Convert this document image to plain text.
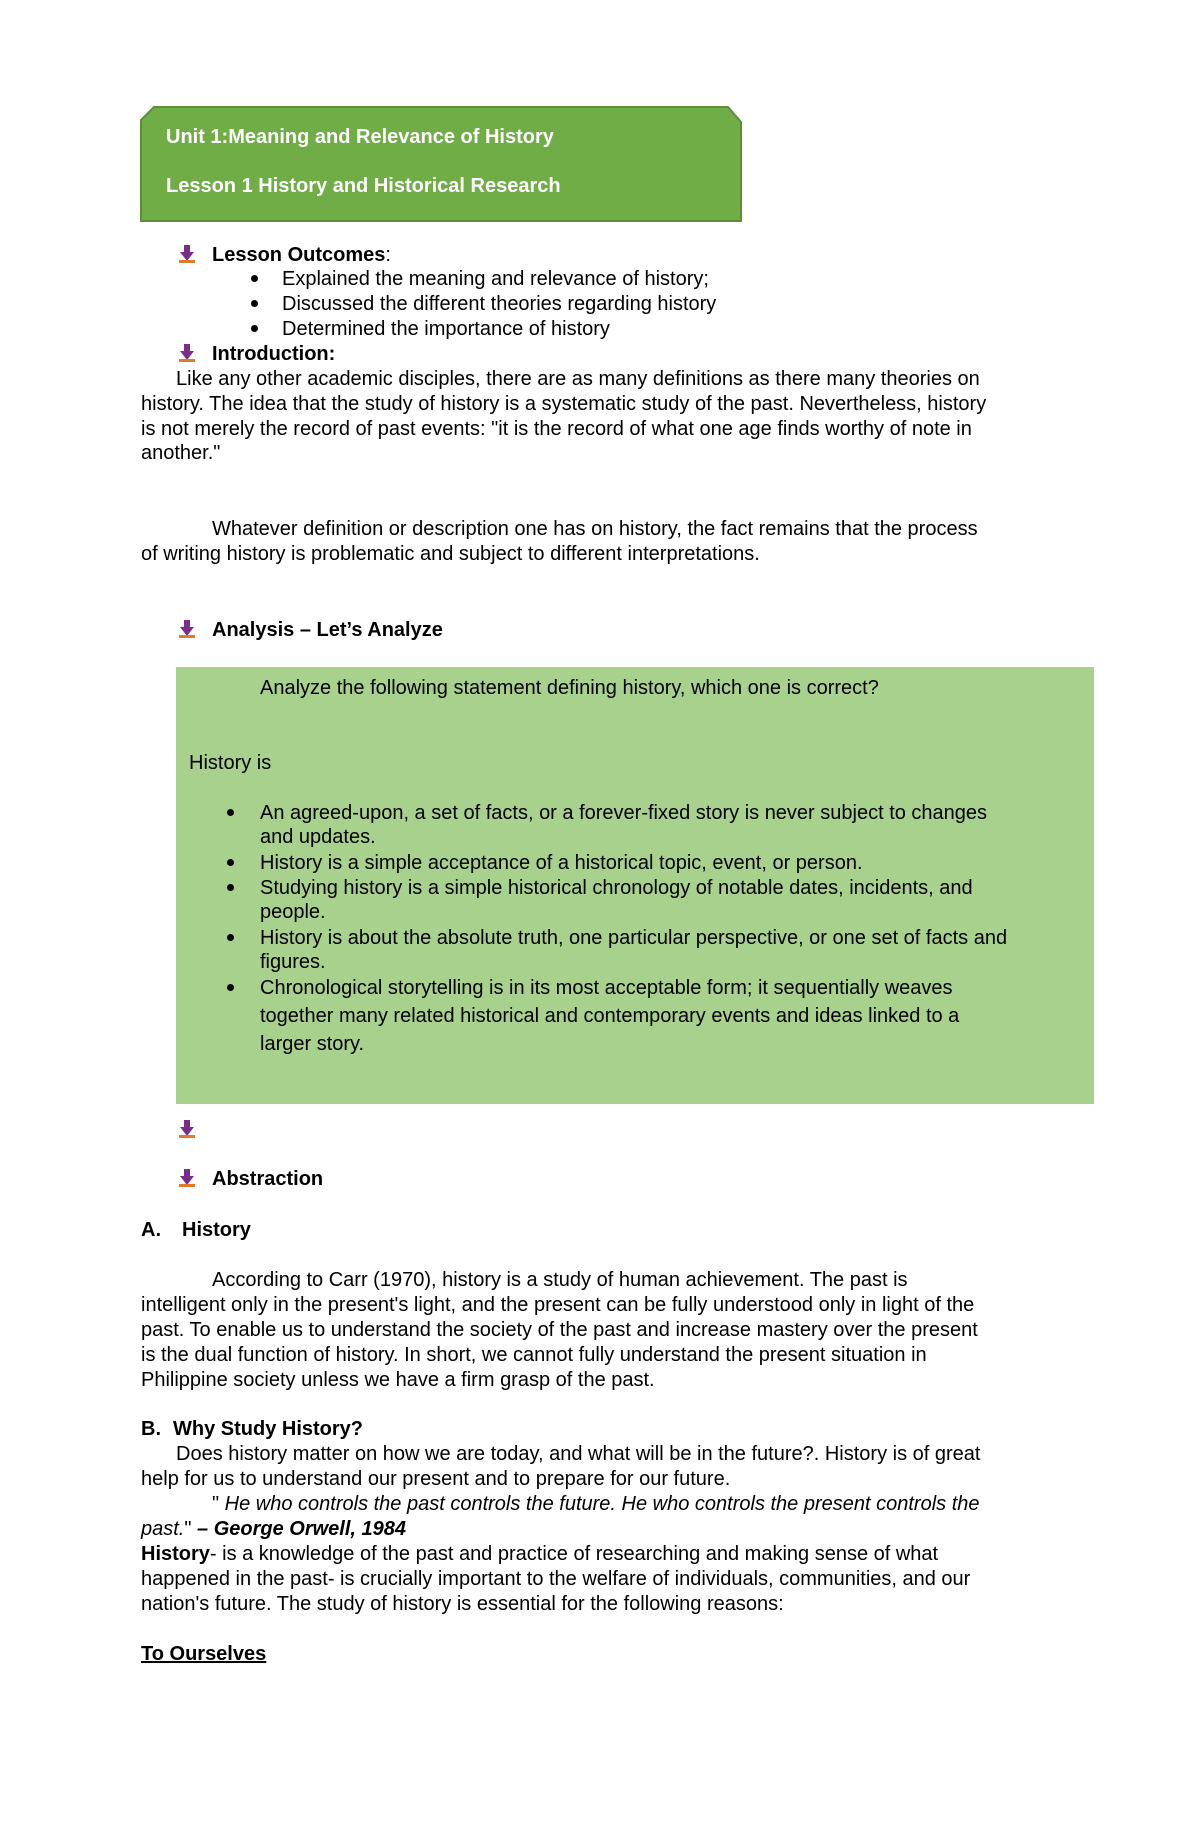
Unit 1:Meaning and Relevance of History
Lesson 1 History and Historical Research
Lesson Outcomes:
Explained the meaning and relevance of history;
Discussed the different theories regarding history
Determined the importance of history
Introduction:
Like any other academic disciples, there are as many definitions as there many theories on
history. The idea that the study of history is a systematic study of the past. Nevertheless, history
is not merely the record of past events: "it is the record of what one age finds worthy of note in
another."
Whatever definition or description one has on history, the fact remains that the process
of writing history is problematic and subject to different interpretations.
Analysis – Let’s Analyze
Analyze the following statement defining history, which one is correct?
History is
An agreed-upon, a set of facts, or a forever-fixed story is never subject to changes
and updates.
History is a simple acceptance of a historical topic, event, or person.
Studying history is a simple historical chronology of notable dates, incidents, and
people.
History is about the absolute truth, one particular perspective, or one set of facts and
figures.
Chronological storytelling is in its most acceptable form; it sequentially weaves
together many related historical and contemporary events and ideas linked to a
larger story.
Abstraction
A. History
According to Carr (1970), history is a study of human achievement. The past is
intelligent only in the present's light, and the present can be fully understood only in light of the
past. To enable us to understand the society of the past and increase mastery over the present
is the dual function of history. In short, we cannot fully understand the present situation in
Philippine society unless we have a firm grasp of the past.
B. Why Study History?
Does history matter on how we are today, and what will be in the future?. History is of great
help for us to understand our present and to prepare for our future.
" He who controls the past controls the future. He who controls the present controls the
past." – George Orwell, 1984
History- is a knowledge of the past and practice of researching and making sense of what
happened in the past- is crucially important to the welfare of individuals, communities, and our
nation's future. The study of history is essential for the following reasons:
To Ourselves
